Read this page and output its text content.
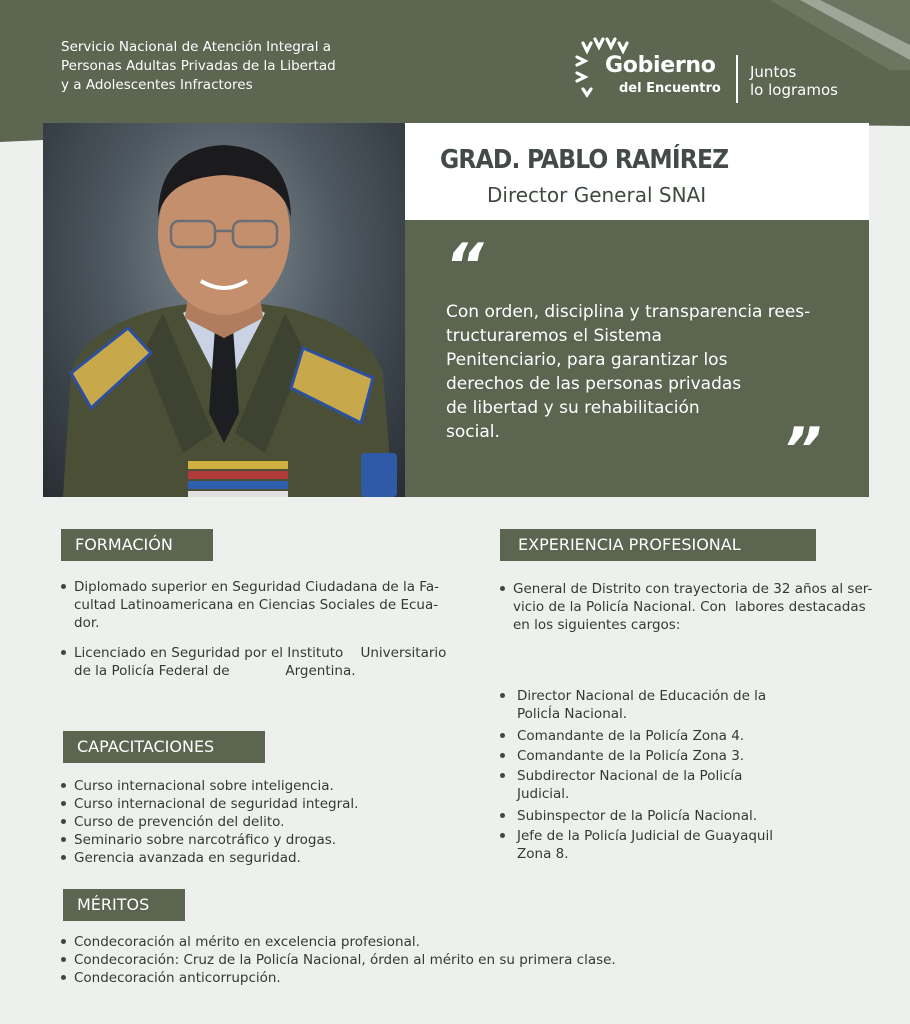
Servicio Nacional de Atención Integral a
Personas Adultas Privadas de la Libertad
y a Adolescentes Infractores
Gobierno
del Encuentro
Juntos
lo logramos
GRAD. PABLO RAMÍREZ
Director General SNAI
“
Con orden, disciplina y transparencia rees-
tructuraremos el Sistema
Penitenciario, para garantizar los
derechos de las personas privadas
de libertad y su rehabilitación
social.	”
FORMACIÓN
Diplomado superior en Seguridad Ciudadana de la Fa-
cultad Latinoamericana en Ciencias Sociales de Ecua-
dor.
Licenciado en Seguridad por el Instituto    Universitario
de la Policía Federal de             Argentina.
CAPACITACIONES
Curso internacional sobre inteligencia.
Curso internacional de seguridad integral.
Curso de prevención del delito.
Seminario sobre narcotráfico y drogas.
Gerencia avanzada en seguridad.
MÉRITOS
Condecoración al mérito en excelencia profesional.
Condecoración: Cruz de la Policía Nacional, órden al mérito en su primera clase.
Condecoración anticorrupción.
EXPERIENCIA PROFESIONAL
General de Distrito con trayectoria de 32 años al ser-
vicio de la Policía Nacional. Con  labores destacadas
en los siguientes cargos:
Director Nacional de Educación de la
PolicÍa Nacional.
Comandante de la Policía Zona 4.
Comandante de la Policía Zona 3.
Subdirector Nacional de la Policía
Judicial.
Subinspector de la Policía Nacional.
Jefe de la Policía Judicial de Guayaquil
Zona 8.
